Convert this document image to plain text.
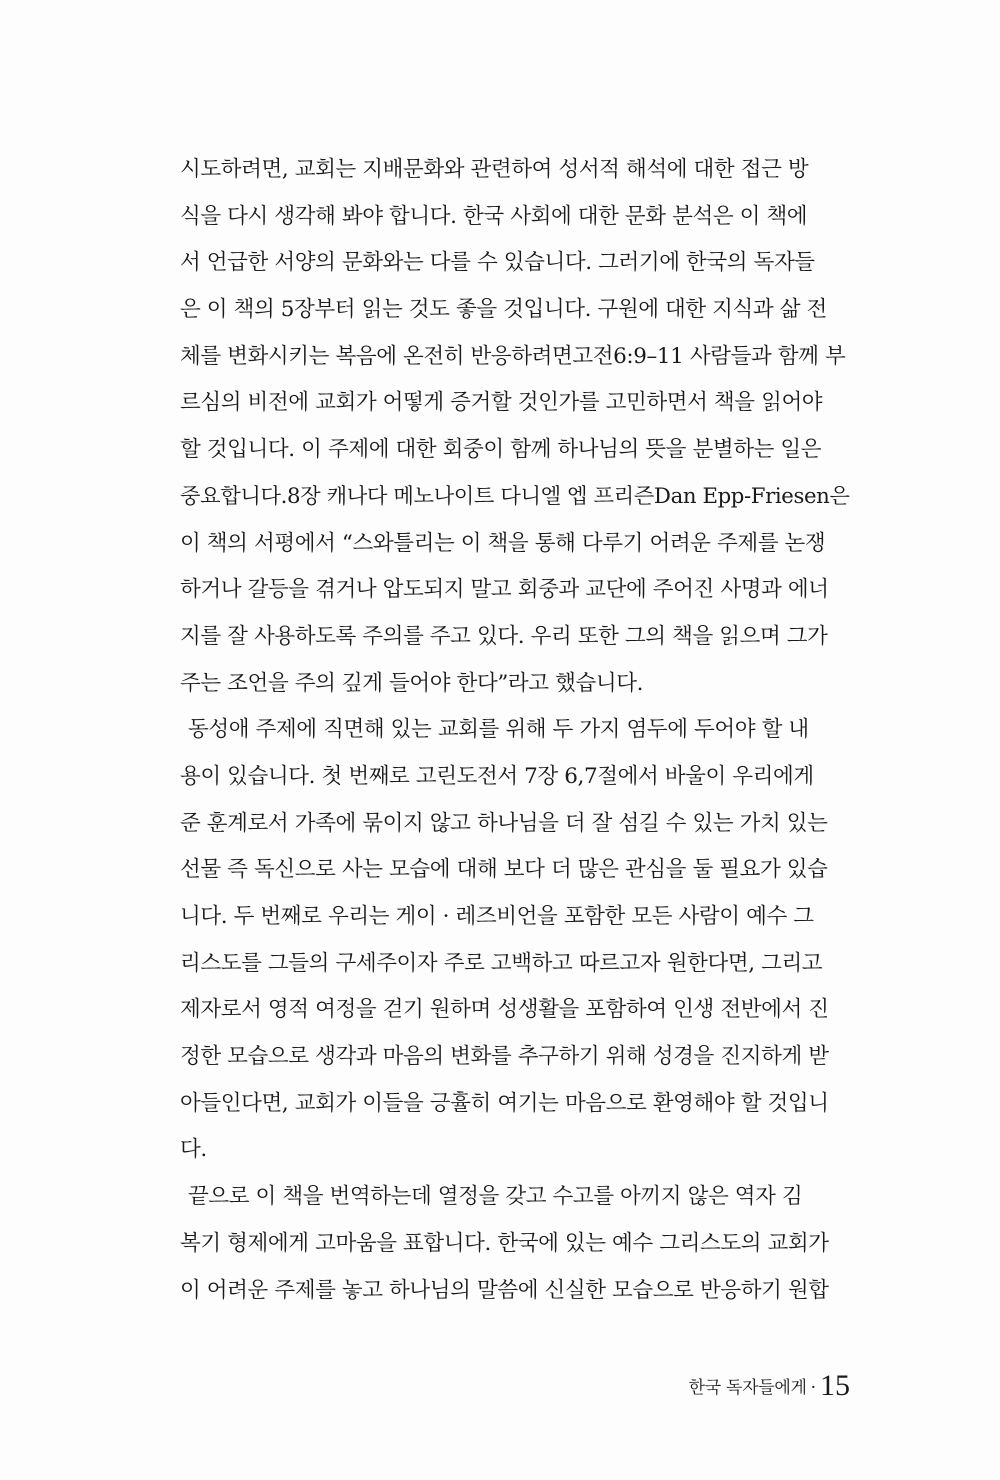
시도하려면, 교회는 지배문화와 관련하여 성서적 해석에 대한 접근 방
식을 다시 생각해 봐야 합니다. 한국 사회에 대한 문화 분석은 이 책에
서 언급한 서양의 문화와는 다를 수 있습니다. 그러기에 한국의 독자들
은 이 책의 5장부터 읽는 것도 좋을 것입니다. 구원에 대한 지식과 삶 전
체를 변화시키는 복음에 온전히 반응하려면고전6:9–11 사람들과 함께 부
르심의 비전에 교회가 어떻게 증거할 것인가를 고민하면서 책을 읽어야
할 것입니다. 이 주제에 대한 회중이 함께 하나님의 뜻을 분별하는 일은
중요합니다.8장 캐나다 메노나이트 다니엘 엡 프리즌Dan Epp-Friesen은
이 책의 서평에서 “스와틀리는 이 책을 통해 다루기 어려운 주제를 논쟁
하거나 갈등을 겪거나 압도되지 말고 회중과 교단에 주어진 사명과 에너
지를 잘 사용하도록 주의를 주고 있다. 우리 또한 그의 책을 읽으며 그가
주는 조언을 주의 깊게 들어야 한다”라고 했습니다.
동성애 주제에 직면해 있는 교회를 위해 두 가지 염두에 두어야 할 내
용이 있습니다. 첫 번째로 고린도전서 7장 6,7절에서 바울이 우리에게
준 훈계로서 가족에 묶이지 않고 하나님을 더 잘 섬길 수 있는 가치 있는
선물 즉 독신으로 사는 모습에 대해 보다 더 많은 관심을 둘 필요가 있습
니다. 두 번째로 우리는 게이 · 레즈비언을 포함한 모든 사람이 예수 그
리스도를 그들의 구세주이자 주로 고백하고 따르고자 원한다면, 그리고
제자로서 영적 여정을 걷기 원하며 성생활을 포함하여 인생 전반에서 진
정한 모습으로 생각과 마음의 변화를 추구하기 위해 성경을 진지하게 받
아들인다면, 교회가 이들을 긍휼히 여기는 마음으로 환영해야 할 것입니
다.
끝으로 이 책을 번역하는데 열정을 갖고 수고를 아끼지 않은 역자 김
복기 형제에게 고마움을 표합니다. 한국에 있는 예수 그리스도의 교회가
이 어려운 주제를 놓고 하나님의 말씀에 신실한 모습으로 반응하기 원합
한국 독자들에게 · 15
